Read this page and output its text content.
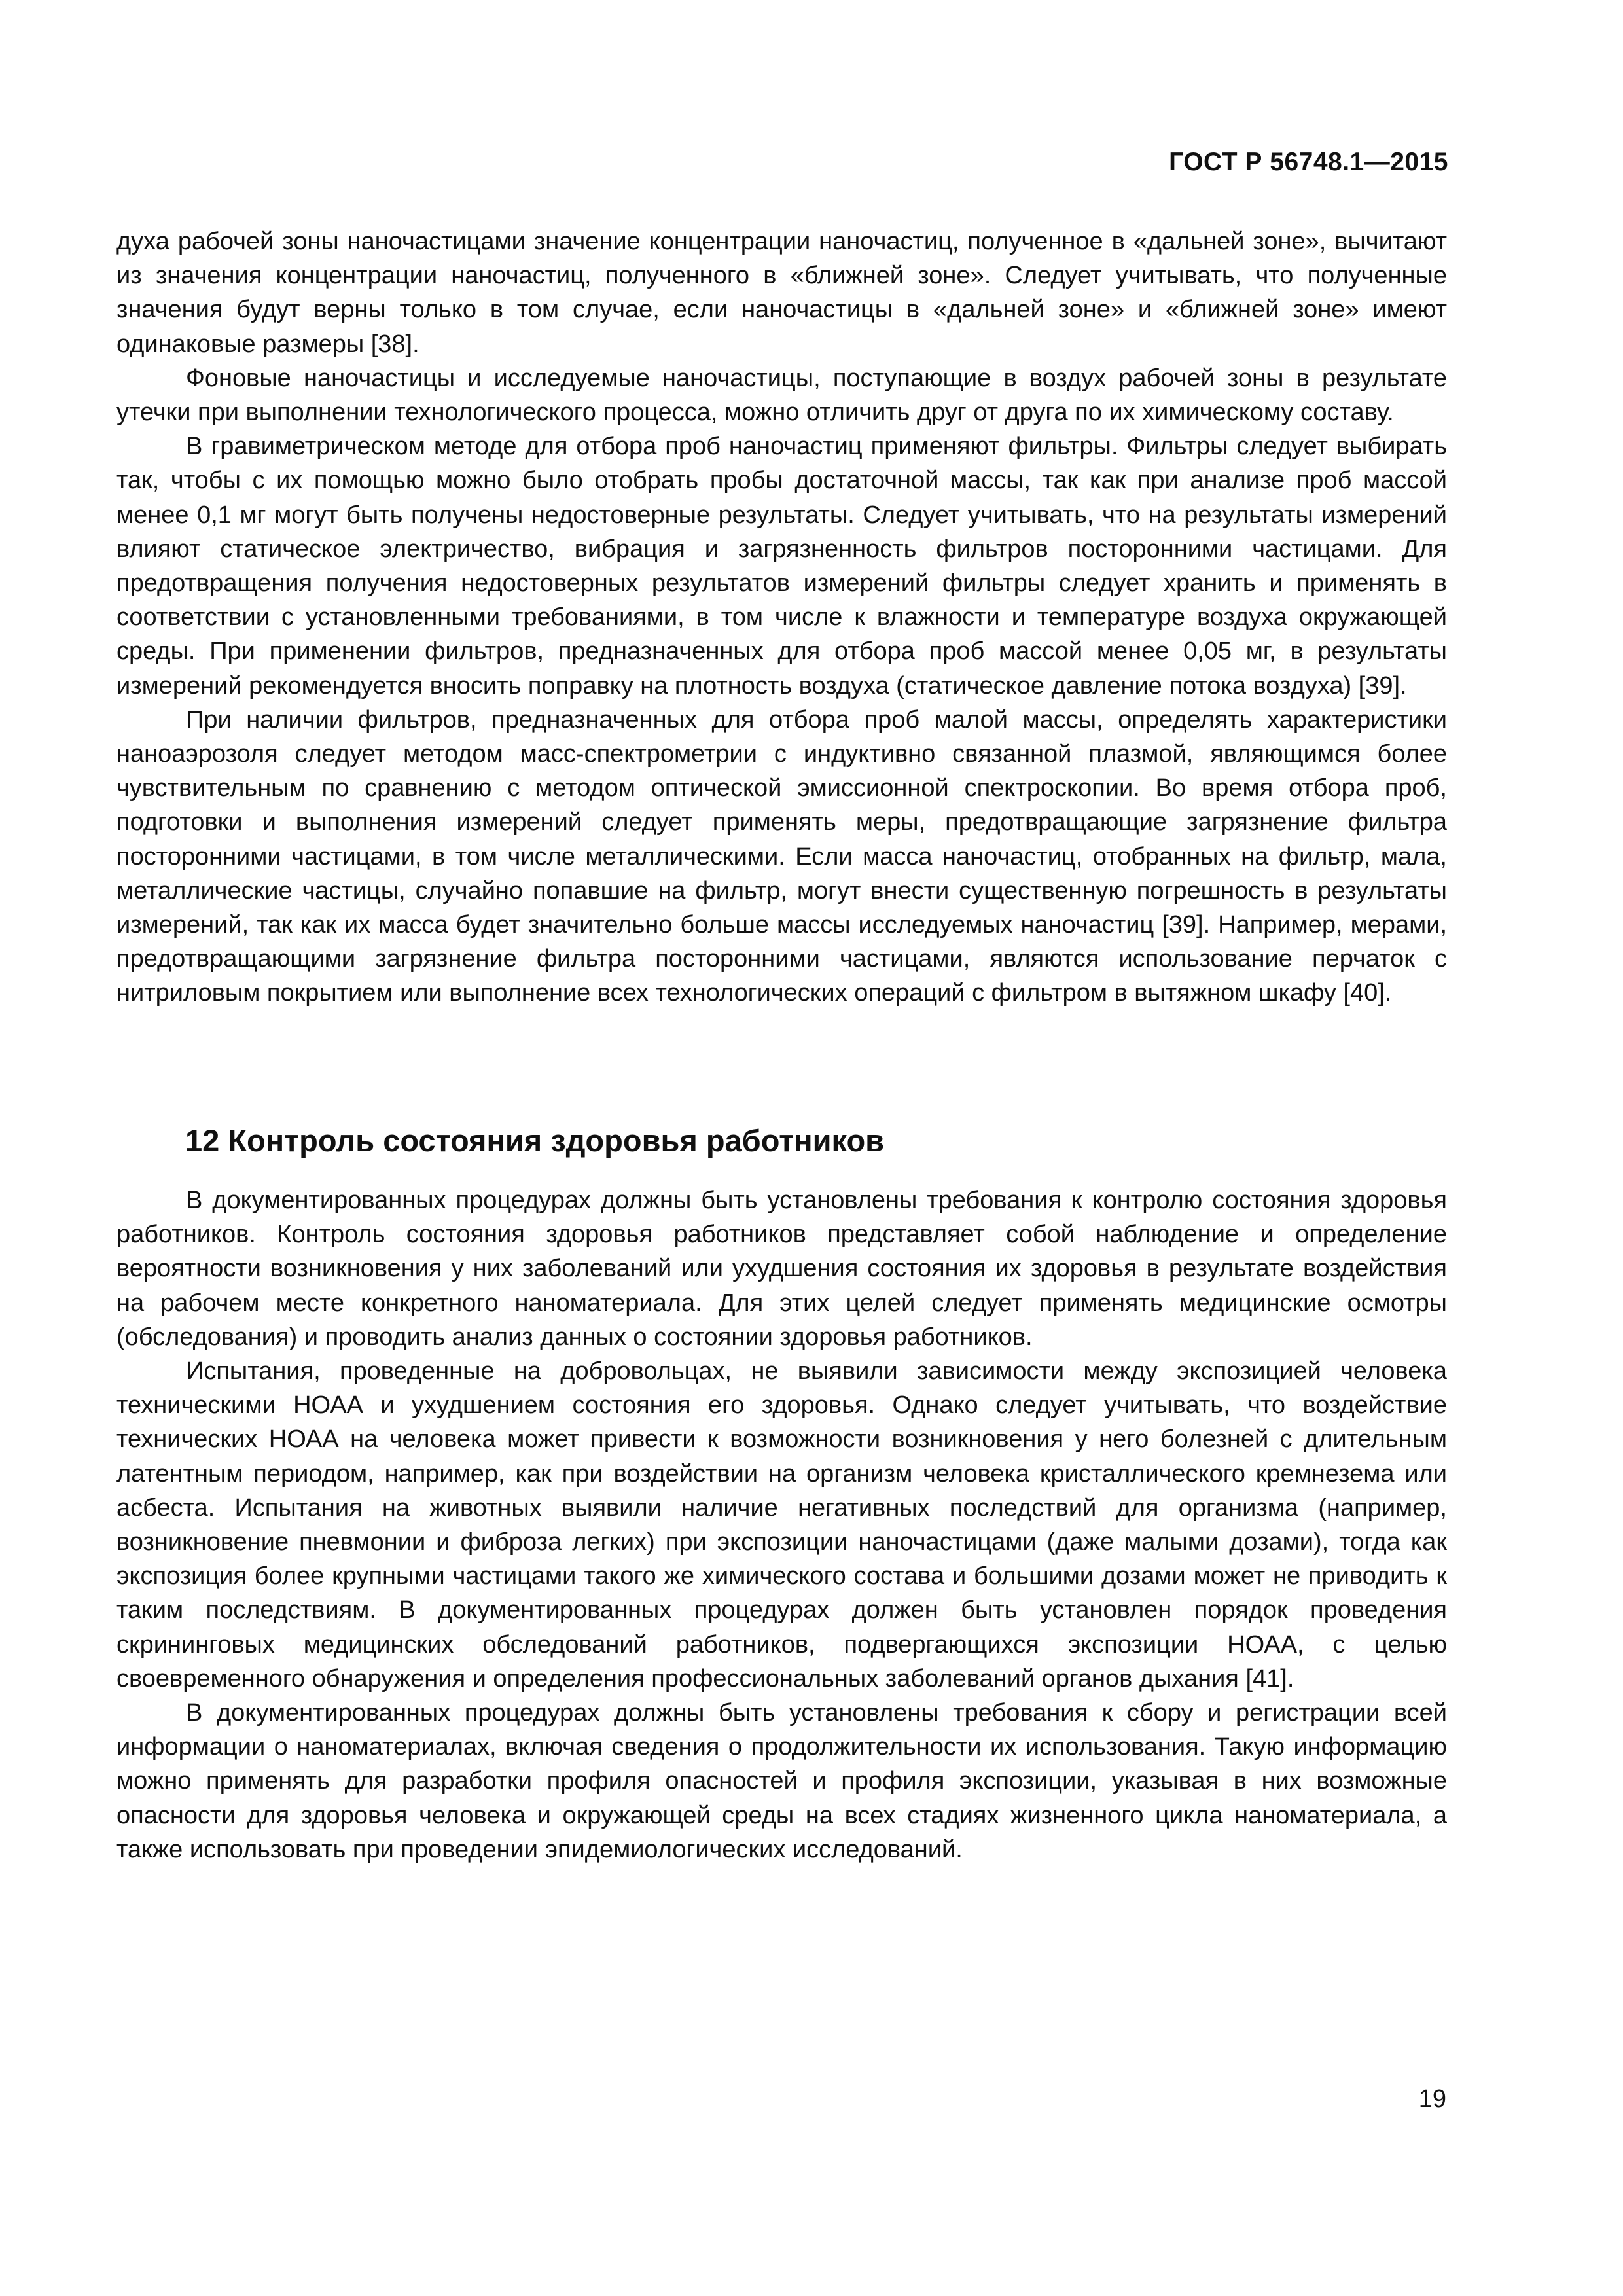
ГОСТ Р 56748.1—2015

духа рабочей зоны наночастицами значение концентрации наночастиц, полученное в «дальней зоне», вычитают из значения концентрации наночастиц, полученного в «ближней зоне». Следует учитывать, что полученные значения будут верны только в том случае, если наночастицы в «дальней зоне» и «ближней зоне» имеют одинаковые размеры [38].

Фоновые наночастицы и исследуемые наночастицы, поступающие в воздух рабочей зоны в результате утечки при выполнении технологического процесса, можно отличить друг от друга по их химическому составу.

В гравиметрическом методе для отбора проб наночастиц применяют фильтры. Фильтры следует выбирать так, чтобы с их помощью можно было отобрать пробы достаточной массы, так как при анализе проб массой менее 0,1 мг могут быть получены недостоверные результаты. Следует учитывать, что на результаты измерений влияют статическое электричество, вибрация и загрязненность фильтров посторонними частицами. Для предотвращения получения недостоверных результатов измерений фильтры следует хранить и применять в соответствии с установленными требованиями, в том числе к влажности и температуре воздуха окружающей среды. При применении фильтров, предназначенных для отбора проб массой менее 0,05 мг, в результаты измерений рекомендуется вносить поправку на плотность воздуха (статическое давление потока воздуха) [39].

При наличии фильтров, предназначенных для отбора проб малой массы, определять характеристики наноаэрозоля следует методом масс-спектрометрии с индуктивно связанной плазмой, являющимся более чувствительным по сравнению с методом оптической эмиссионной спектроскопии. Во время отбора проб, подготовки и выполнения измерений следует применять меры, предотвращающие загрязнение фильтра посторонними частицами, в том числе металлическими. Если масса наночастиц, отобранных на фильтр, мала, металлические частицы, случайно попавшие на фильтр, могут внести существенную погрешность в результаты измерений, так как их масса будет значительно больше массы исследуемых наночастиц [39]. Например, мерами, предотвращающими загрязнение фильтра посторонними частицами, являются использование перчаток с нитриловым покрытием или выполнение всех технологических операций с фильтром в вытяжном шкафу [40].

12 Контроль состояния здоровья работников

В документированных процедурах должны быть установлены требования к контролю состояния здоровья работников. Контроль состояния здоровья работников представляет собой наблюдение и определение вероятности возникновения у них заболеваний или ухудшения состояния их здоровья в результате воздействия на рабочем месте конкретного наноматериала. Для этих целей следует применять медицинские осмотры (обследования) и проводить анализ данных о состоянии здоровья работников.

Испытания, проведенные на добровольцах, не выявили зависимости между экспозицией человека техническими НОАА и ухудшением состояния его здоровья. Однако следует учитывать, что воздействие технических НОАА на человека может привести к возможности возникновения у него болезней с длительным латентным периодом, например, как при воздействии на организм человека кристаллического кремнезема или асбеста. Испытания на животных выявили наличие негативных последствий для организма (например, возникновение пневмонии и фиброза легких) при экспозиции наночастицами (даже малыми дозами), тогда как экспозиция более крупными частицами такого же химического состава и большими дозами может не приводить к таким последствиям. В документированных процедурах должен быть установлен порядок проведения скрининговых медицинских обследований работников, подвергающихся экспозиции НОАА, с целью своевременного обнаружения и определения профессиональных заболеваний органов дыхания [41].

В документированных процедурах должны быть установлены требования к сбору и регистрации всей информации о наноматериалах, включая сведения о продолжительности их использования. Такую информацию можно применять для разработки профиля опасностей и профиля экспозиции, указывая в них возможные опасности для здоровья человека и окружающей среды на всех стадиях жизненного цикла наноматериала, а также использовать при проведении эпидемиологических исследований.

19
